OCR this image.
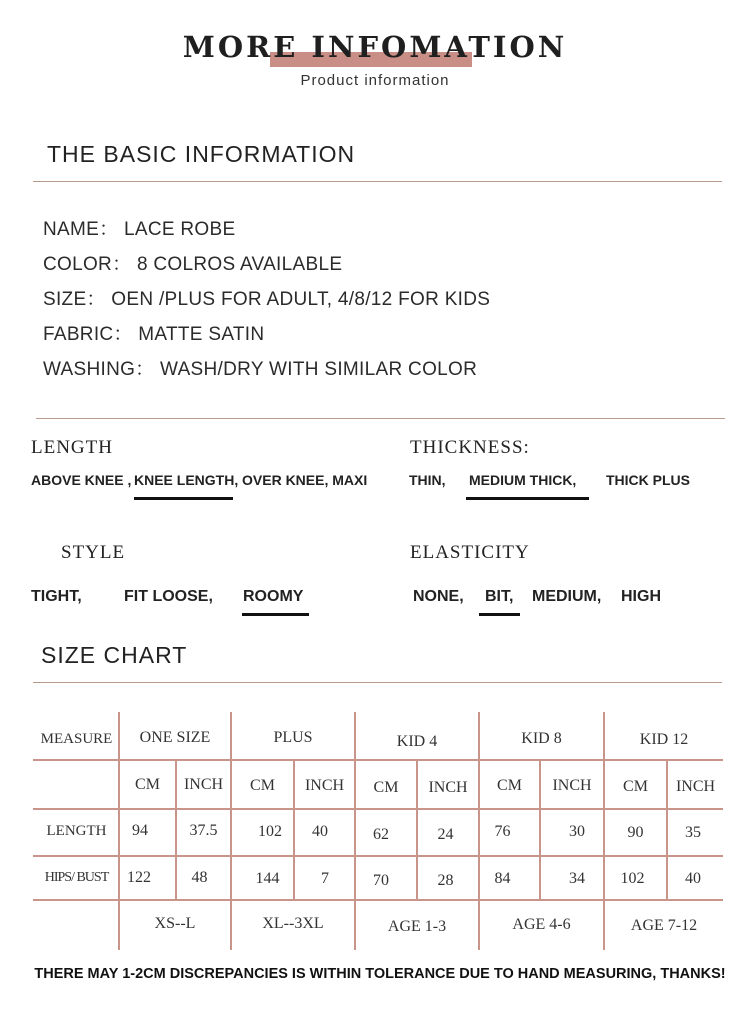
MORE INFOMATION
Product information
THE BASIC INFORMATION
NAME： LACE ROBE
COLOR： 8 COLROS AVAILABLE
SIZE： OEN /PLUS FOR ADULT, 4/8/12 FOR KIDS
FABRIC： MATTE SATIN
WASHING： WASH/DRY WITH SIMILAR COLOR
LENGTH
ABOVE KNEE , KNEE LENGTH, OVER KNEE, MAXI
THICKNESS:
THIN, MEDIUM THICK, THICK PLUS
STYLE
TIGHT,	FIT LOOSE, ROOMY
ELASTICITY
NONE, BIT, MEDIUM, HIGH
SIZE CHART
MEASURE	ONE SIZE	PLUS	KID 4	KID 8	KID 12
CM	INCH	CM	INCH	CM	INCH	CM	INCH	CM	INCH
LENGTH	94	37.5	102	40	62	24	76	30	90	35
HIPS/ BUST	122	48	144	7	70	28	84	34	102	40
XS--L	XL--3XL	AGE 1-3	AGE 4-6	AGE 7-12
THERE MAY 1-2CM DISCREPANCIES IS WITHIN TOLERANCE DUE TO HAND MEASURING, THANKS!
